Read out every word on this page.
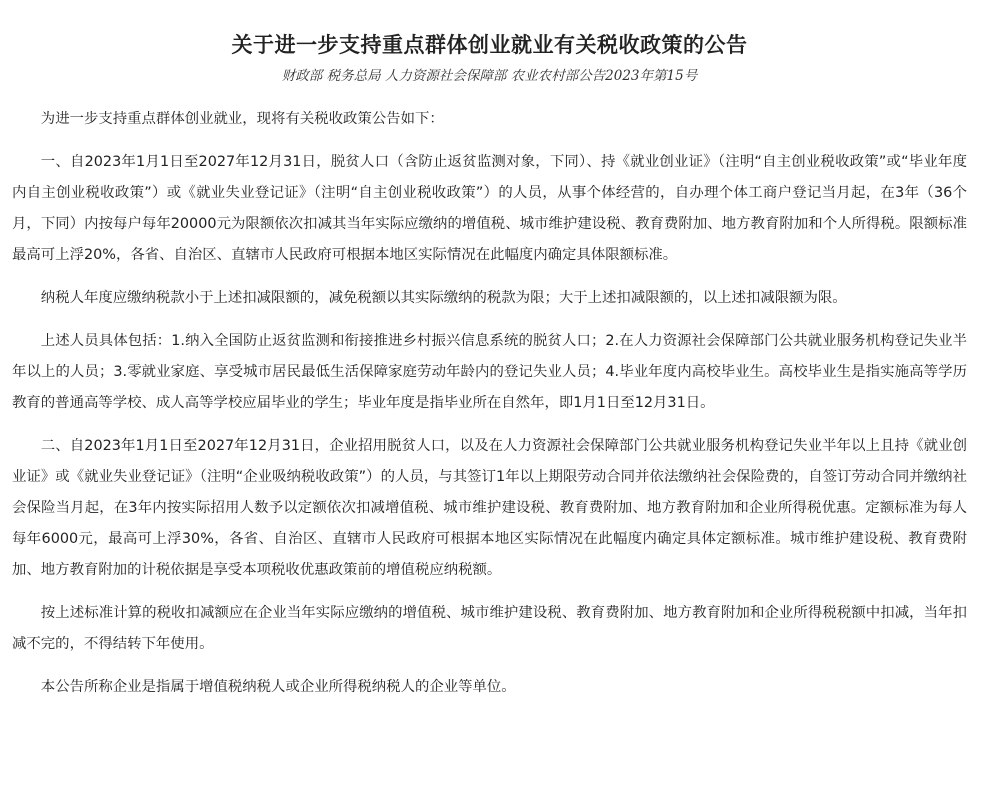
关于进一步支持重点群体创业就业有关税收政策的公告
财政部 税务总局 人力资源社会保障部 农业农村部公告2023年第15号

为进一步支持重点群体创业就业，现将有关税收政策公告如下：

一、自2023年1月1日至2027年12月31日，脱贫人口（含防止返贫监测对象，下同）、持《就业创业证》（注明“自主创业税收政策”或“毕业年度内自主创业税收政策”）或《就业失业登记证》（注明“自主创业税收政策”）的人员，从事个体经营的，自办理个体工商户登记当月起，在3年（36个月，下同）内按每户每年20000元为限额依次扣减其当年实际应缴纳的增值税、城市维护建设税、教育费附加、地方教育附加和个人所得税。限额标准最高可上浮20%，各省、自治区、直辖市人民政府可根据本地区实际情况在此幅度内确定具体限额标准。

纳税人年度应缴纳税款小于上述扣减限额的，减免税额以其实际缴纳的税款为限；大于上述扣减限额的，以上述扣减限额为限。

上述人员具体包括：1.纳入全国防止返贫监测和衔接推进乡村振兴信息系统的脱贫人口；2.在人力资源社会保障部门公共就业服务机构登记失业半年以上的人员；3.零就业家庭、享受城市居民最低生活保障家庭劳动年龄内的登记失业人员；4.毕业年度内高校毕业生。高校毕业生是指实施高等学历教育的普通高等学校、成人高等学校应届毕业的学生；毕业年度是指毕业所在自然年，即1月1日至12月31日。

二、自2023年1月1日至2027年12月31日，企业招用脱贫人口，以及在人力资源社会保障部门公共就业服务机构登记失业半年以上且持《就业创业证》或《就业失业登记证》（注明“企业吸纳税收政策”）的人员，与其签订1年以上期限劳动合同并依法缴纳社会保险费的，自签订劳动合同并缴纳社会保险当月起，在3年内按实际招用人数予以定额依次扣减增值税、城市维护建设税、教育费附加、地方教育附加和企业所得税优惠。定额标准为每人每年6000元，最高可上浮30%，各省、自治区、直辖市人民政府可根据本地区实际情况在此幅度内确定具体定额标准。城市维护建设税、教育费附加、地方教育附加的计税依据是享受本项税收优惠政策前的增值税应纳税额。

按上述标准计算的税收扣减额应在企业当年实际应缴纳的增值税、城市维护建设税、教育费附加、地方教育附加和企业所得税税额中扣减，当年扣减不完的，不得结转下年使用。

本公告所称企业是指属于增值税纳税人或企业所得税纳税人的企业等单位。
